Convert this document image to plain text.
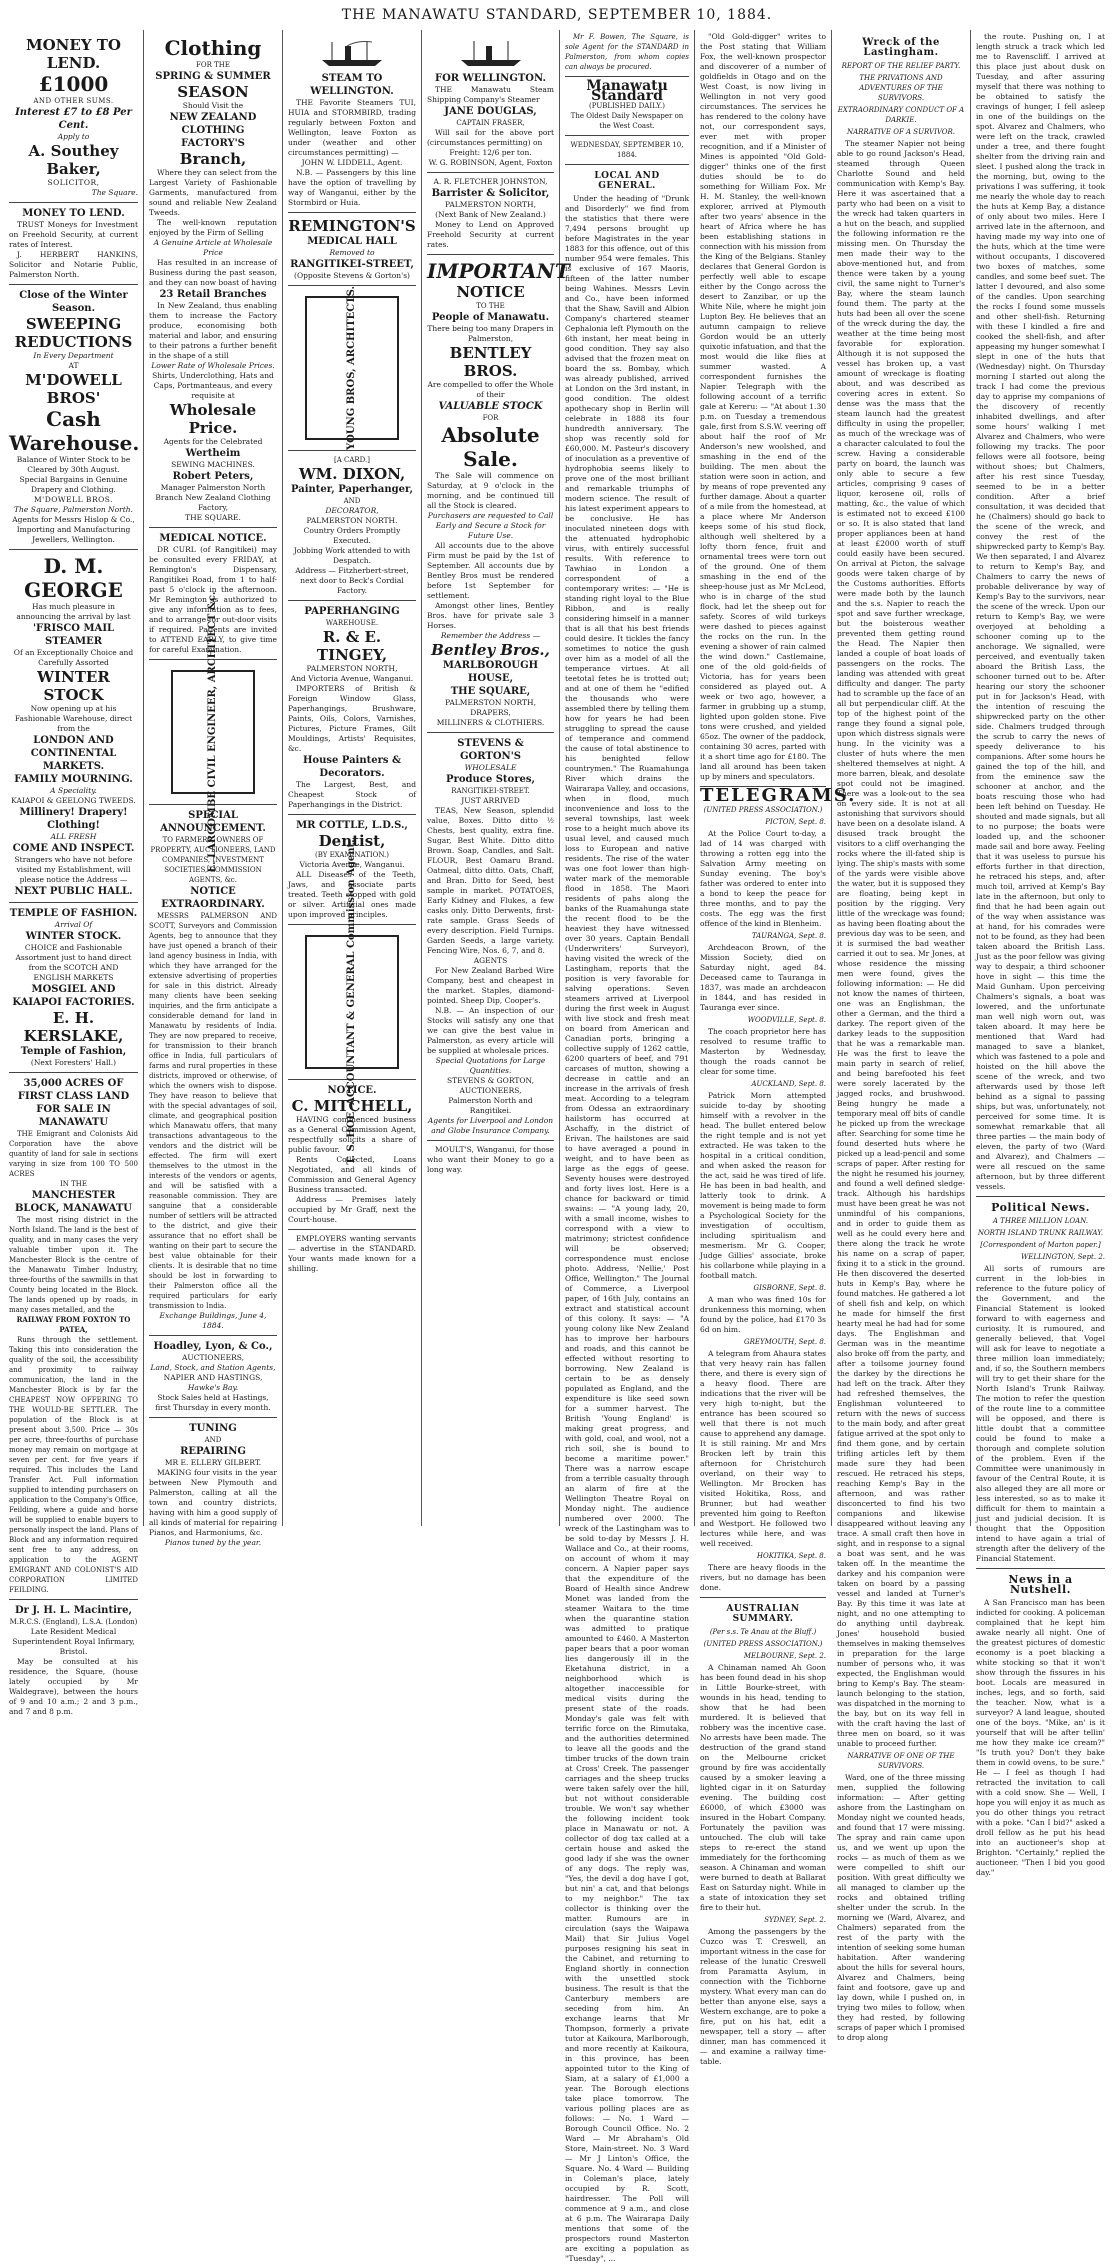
THE MANAWATU STANDARD, SEPTEMBER 10, 1884.
MONEY TO LEND.
£1000
AND OTHER SUMS.
Interest £7 to £8 Per Cent.
Apply to
A. Southey Baker,
SOLICITOR,
The Square.
MONEY TO LEND.

TRUST Moneys for Investment on Freehold Security, at current rates of Interest.

J. HERBERT HANKINS, Solicitor and Notarie Public, Palmerston North.

Close of the Winter Season.
SWEEPING REDUCTIONS
In Every Department
AT
M'DOWELL BROS'
Cash Warehouse.
Balance of Winter Stock to be Cleared by 30th August.
Special Bargains in Genuine Drapery and Clothing.
M'DOWELL BROS.
The Square, Palmerston North.
Agents for Messrs Hislop & Co., Importing and Manufacturing Jewellers, Wellington.
D. M. GEORGE
Has much pleasure in announcing the arrival by last
'FRISCO MAIL STEAMER
Of an Exceptionally Choice and Carefully Assorted
WINTER STOCK
Now opening up at his Fashionable Warehouse, direct from the
LONDON AND CONTINENTAL MARKETS.
FAMILY MOURNING.
A Speciality.
KAIAPOI & GEELONG TWEEDS.
Millinery! Drapery! Clothing!
ALL FRESH
COME AND INSPECT.
Strangers who have not before visited my Establishment, will please notice the Address —
NEXT PUBLIC HALL.
TEMPLE OF FASHION.
Arrival Of
WINTER STOCK.
CHOICE and Fashionable Assortment just to hand direct from the SCOTCH AND ENGLISH MARKETS
MOSGIEL AND KAIAPOI FACTORIES.
E. H. KERSLAKE,
Temple of Fashion,
(Next Foresters' Hall.)
35,000 ACRES OF FIRST CLASS LAND FOR SALE IN MANAWATU

THE Emigrant and Colonists Aid Corporation have the above quantity of land for sale in sections varying in size from 100 TO 500 ACRES

IN THE
MANCHESTER BLOCK, MANAWATU

The most rising district in the North Island. The land is the best of quality, and in many cases the very valuable timber upon it. The Manchester Block is the centre of the Manawatu Timber Industry, three-fourths of the sawmills in that County being located in the Block. The lands opened up by roads, in many cases metalled, and the

RAILWAY FROM FOXTON TO PATEA,

Runs through the settlement. Taking this into consideration the quality of the soil, the accessibility and proximity to railway communication, the land in the Manchester Block is by far the CHEAPEST NOW OFFERING TO THE WOULD-BE SETTLER. The population of the Block is at present about 3,500. Price — 30s per acre, three-fourths of purchase money may remain on mortgage at seven per cent. for five years if required. This includes the Land Transfer Act. Full information supplied to intending purchasers on application to the Company's Office, Feilding, where a guide and horse will be supplied to enable buyers to personally inspect the land. Plans of Block and any information required sent free to any address, on application to the AGENT EMIGRANT AND COLONIST'S AID CORPORATION LIMITED FEILDING.

Dr J. H. L. Macintire,
M.R.C.S. (England), L.S.A. (London)
Late Resident Medical Superintendent Royal Infirmary, Bristol.

May be consulted at his residence, the Square, (house lately occupied by Mr Waldegrave), between the hours of 9 and 10 a.m.; 2 and 3 p.m., and 7 and 8 p.m.

Clothing
FOR THE
SPRING & SUMMER
SEASON
Should Visit the
NEW ZEALAND
CLOTHING FACTORY'S
Branch,

Where they can select from the Largest Variety of Fashionable Garments, manufactured from sound and reliable New Zealand Tweeds.

The well-known reputation enjoyed by the Firm of Selling

A Genuine Article at Wholesale Price

Has resulted in an increase of Business during the past season, and they can now boast of having

23 Retail Branches

In New Zealand, thus enabling them to increase the Factory produce, economising both material and labor, and ensuring to their patrons a further benefit in the shape of a still

Lower Rate of Wholesale Prices.
Shirts, Underclothing, Hats and Caps, Portmanteaus, and every requisite at
Wholesale Price.
Agents for the Celebrated
Wertheim
SEWING MACHINES.
Robert Peters,
Manager Palmerston North Branch New Zealand Clothing Factory,
THE SQUARE.
MEDICAL NOTICE.

DR CURL (of Rangitikei) may be consulted every FRIDAY, at Remington's Dispensary, Rangitikei Road, from 1 to half-past 5 o'clock in the afternoon. Mr Remington is authorized to give any information as to fees, and to arrange for out-door visits if required. Patients are invited to ATTEND EARLY, to give time for careful Examination.

E. LARCOMBE CIVIL ENGINEER, ARCHITECT &c.
SPECIAL ANNOUNCEMENT.
TO FARMERS, OWNERS OF PROPERTY, AUCTIONEERS, LAND COMPANIES, INVESTMENT SOCIETIES, COMMISSION AGENTS, &c.
NOTICE EXTRAORDINARY.

MESSRS PALMERSON AND SCOTT, Surveyors and Commission Agents, beg to announce that they have just opened a branch of their land agency business in India, with which they have arranged for the extensive advertising of properties for sale in this district. Already many clients have been seeking inquiries, and the firm anticipate a considerable demand for land in Manawatu by residents of India. They are now prepared to receive, for transmission to their branch office in India, full particulars of farms and rural properties in these districts, improved or otherwise, of which the owners wish to dispose. They have reason to believe that with the special advantages of soil, climate, and geographical position which Manawatu offers, that many transactions advantageous to the vendors and the district will be effected. The firm will exert themselves to the utmost in the interests of the vendors or agents, and will be satisfied with a reasonable commission. They are sanguine that a considerable number of settlers will be attracted to the district, and give their assurance that no effort shall be wanting on their part to secure the best value obtainable for their clients. It is desirable that no time should be lost in forwarding to their Palmerston office all the required particulars for early transmission to India.

Exchange Buildings, June 4, 1884.
Hoadley, Lyon, & Co.,
AUCTIONEERS,
Land, Stock, and Station Agents,
NAPIER AND HASTINGS,
Hawke's Bay.
Stock Sales held at Hastings, first Thursday in every month.
TUNING
AND
REPAIRING
MR E. ELLERY GILBERT.

MAKING four visits in the year between New Plymouth and Palmerston, calling at all the town and country districts, having with him a good supply of all kinds of material for repairing Pianos, and Harmoniums, &c.

Pianos tuned by the year.
STEAM TO WELLINGTON.

THE Favorite Steamers TUI, HUIA and STORMBIRD, trading regularly between Foxton and Wellington, leave Foxton as under (weather and other circumstances permitting) —

JOHN W. LIDDELL, Agent.

N.B. — Passengers by this line have the option of travelling by way of Wanganui, either by the Stormbird or Huia.

REMINGTON'S
MEDICAL HALL
Removed to
RANGITIKEI-STREET,
(Opposite Stevens & Gorton's)
YOUNG BROS, ARCHITECTS.
[A CARD.]
WM. DIXON,
Painter, Paperhanger,
AND
DECORATOR,
PALMERSTON NORTH.
Country Orders Promptly Executed.
Jobbing Work attended to with Despatch.
Address — Fitzherbert-street, next door to Beck's Cordial Factory.
PAPERHANGING
WAREHOUSE.
R. & E. TINGEY,
PALMERSTON NORTH,
And Victoria Avenue, Wanganui.

IMPORTERS of British & Foreign Window Glass, Paperhangings, Brushware, Paints, Oils, Colors, Varnishes, Pictures, Picture Frames, Gilt Mouldings, Artists' Requisites, &c.

House Painters & Decorators.

The Largest, Best, and Cheapest Stock of Paperhangings in the District.

MR COTTLE, L.D.S.,
Dentist,
(BY EXAMINATION.)
Victoria Avenue, Wanganui.

ALL Diseases of the Teeth, Jaws, and associate parts treated. Teeth stopped with gold or silver. Artificial ones made upon improved principles.

T. S. HOE, ACCOUNTANT & GENERAL Commission Agent.
NOTICE.
C. MITCHELL,

HAVING commenced business as a General Commission Agent, respectfully solicits a share of public favour.

Rents Collected, Loans Negotiated, and all kinds of Commission and General Agency Business transacted.

Address — Premises lately occupied by Mr Graff, next the Court-house.

EMPLOYERS wanting servants — advertise in the STANDARD. Your wants made known for a shilling.

FOR WELLINGTON.

THE Manawatu Steam Shipping Company's Steamer

JANE DOUGLAS,
CAPTAIN FRASER,

Will sail for the above port (circumstances permitting) on

Freight: 12/6 per ton.
W. G. ROBINSON, Agent, Foxton
A. R. FLETCHER JOHNSTON,
Barrister & Solicitor,
PALMERSTON NORTH,
(Next Bank of New Zealand.)

Money to Lend on Approved Freehold Security at current rates.

IMPORTANT
NOTICE
TO THE
People of Manawatu.
There being too many Drapers in Palmerston,
BENTLEY BROS.
Are compelled to offer the Whole of their
VALUABLE STOCK
FOR
Absolute Sale.

The Sale will commence on Saturday, at 9 o'clock in the morning, and be continued till all the Stock is cleared.

Purchasers are requested to Call Early and Secure a Stock for Future Use.

All accounts due to the above Firm must be paid by the 1st of September. All accounts due by Bentley Bros must be rendered before 1st September for settlement.

Amongst other lines, Bentley Bros. have for private sale 3 Horses.

Remember the Address —
Bentley Bros.,
MARLBOROUGH HOUSE,
THE SQUARE,
PALMERSTON NORTH,
DRAPERS,
MILLINERS & CLOTHIERS.
STEVENS & GORTON'S
WHOLESALE
Produce Stores,
RANGITIKEI-STREET.
JUST ARRIVED

TEAS, New Season, splendid value, Boxes. Ditto ditto ½ Chests, best quality, extra fine. Sugar, Best White. Ditto ditto Brown. Soap, Candles, and Salt. FLOUR, Best Oamaru Brand. Oatmeal, ditto ditto. Oats, Chaff, and Bran. Ditto for Seed, best sample in market. POTATOES, Early Kidney and Flukes, a few casks only. Ditto Derwents, first-rate sample. Grass Seeds of every description. Field Turnips. Garden Seeds, a large variety. Fencing Wire, Nos. 6, 7, and 8.

AGENTS

For New Zealand Barbed Wire Company, best and cheapest in the market. Staples, diamond-pointed. Sheep Dip, Cooper's.

N.B. — An inspection of our Stocks will satisfy any one that we can give the best value in Palmerston, as every article will be supplied at wholesale prices.

Special Quotations for Large Quantities.
STEVENS & GORTON, AUCTIONEERS,
Palmerston North and Rangitikei.
Agents for Liverpool and London and Globe Insurance Company.

MOULT'S, Wanganui, for those who want their Money to go a long way.

Mr F. Bowen, The Square, is sole Agent for the STANDARD in Palmerston, from whom copies can always be procured.

Manawatu Standard
(PUBLISHED DAILY.)
The Oldest Daily Newspaper on the West Coast.
WEDNESDAY, SEPTEMBER 10, 1884.
LOCAL AND GENERAL.

Under the heading of "Drunk and Disorderly" we find from the statistics that there were 7,494 persons brought up before Magistrates in the year 1883 for this offence, out of this number 954 were females. This is exclusive of 167 Maoris, fifteen of the latter number being Wahines. Messrs Levin and Co., have been informed that the Shaw, Savill and Albion Company's chartered steamer Cephalonia left Plymouth on the 6th instant, her meat being in good condition. They say also advised that the frozen meat on board the ss. Bombay, which was already published, arrived at London on the 3rd instant, in good condition. The oldest apothecary shop in Berlin will celebrate in 1888 its four hundredth anniversary. The shop was recently sold for £60,000. M. Pasteur's discovery of inoculation as a preventive of hydrophobia seems likely to prove one of the most brilliant and remarkable triumphs of modern science. The result of his latest experiment appears to be conclusive. He has inoculated nineteen dogs with the attenuated hydrophobic virus, with entirely successful results. With reference to Tawhiao in London a correspondent of a contemporary writes: — "He is standing right loyal to the Blue Ribbon, and is really considering himself in a manner that is all that his best friends could desire. It tickles the fancy sometimes to notice the gush over him as a model of all the temperance virtues. At all teetotal fetes he is trotted out; and at one of them he "edified the thousands who were assembled there by telling them how for years he had been struggling to spread the cause of temperance and commend the cause of total abstinence to his benighted fellow countrymen." The Ruamahunga River which drains the Wairarapa Valley, and occasions, when in flood, much inconvenience and loss to the several townships, last week rose to a height much above its usual level, and caused much loss to European and native residents. The rise of the water was one foot lower than high-water mark of the memorable flood in 1858. The Maori residents of pahs along the banks of the Ruamahunga state the recent flood to be the heaviest they have witnessed over 30 years. Captain Bendall (Underwriters' Surveyor), having visited the wreck of the Lastingham, reports that the position is very favorable for salving operations. Seven steamers arrived at Liverpool during the first week in August with live stock and fresh meat on board from American and Canadian ports, bringing a collective supply of 1262 cattle, 6200 quarters of beef, and 791 carcases of mutton, showing a decrease in cattle and an increase in the arrivals of fresh meat. According to a telegram from Odessa an extraordinary hailstorm has occurred at Aschaffy, in the district of Erivan. The hailstones are said to have averaged a pound in weight, and to have been as large as the eggs of geese. Seventy houses were destroyed and forty lives lost. Here is a chance for backward or timid swains: — "A young lady, 20, with a small income, wishes to correspond with a view to matrimony; strictest confidence will be observed; correspondence must enclose photo. Address, 'Nellie,' Post Office, Wellington." The Journal of Commerce, a Liverpool paper, of 16th July, contains an extract and statistical account of this colony. It says: — "A young colony like New Zealand has to improve her harbours and roads, and this cannot be effected without resorting to borrowing. New Zealand is certain to be as densely populated as England, and the expenditure is like seed sown for a summer harvest. The British 'Young England' is making great progress, and with gold, coal, and wool, not a rich soil, she is bound to become a maritime power." There was a narrow escape from a terrible casualty through an alarm of fire at the Wellington Theatre Royal on Monday night. The audience numbered over 2000. The wreck of the Lastingham was to be sold to-day by Messrs J. H. Wallace and Co., at their rooms, on account of whom it may concern. A Napier paper says that the expenditure of the Board of Health since Andrew Monet was landed from the steamer Waitara to the time when the quarantine station was admitted to pratique amounted to £460. A Masterton paper bears that a poor woman lies dangerously ill in the Eketahuna district, in a neighborhood which is altogether inaccessible for medical visits during the present state of the roads. Monday's gale was felt with terrific force on the Rimutaka, and the authorities determined to leave all the goods and the timber trucks of the down train at Cross' Creek. The passenger carriages and the sheep trucks were taken safely over the hill, but not without considerable trouble. We won't say whether the following incident took place in Manawatu or not. A collector of dog tax called at a certain house and asked the good lady if she was the owner of any dogs. The reply was, "Yes, the devil a dog have I got, but nin' a cat, and that belongs to my neighbor." The tax collector is thinking over the matter. Rumours are in circulation (says the Waipawa Mail) that Sir Julius Vogel purposes resigning his seat in the Cabinet, and returning to England shortly in connection with the unsettled stock business. The result is that the Canterbury members are seceding from him. An exchange learns that Mr Thompson, formerly a private tutor at Kaikoura, Marlborough, and more recently at Kaikoura, in this province, has been appointed tutor to the King of Siam, at a salary of £1,000 a year. The Borough elections take place tomorrow. The various polling places are as follows: — No. 1 Ward — Borough Council Office. No. 2 Ward — Mr Abraham's Old Store, Main-street. No. 3 Ward — Mr J Linton's Office, the Square. No. 4 Ward — Building in Coleman's place, lately occupied by R. Scott, hairdresser. The Poll will commence at 9 a.m., and close at 6 p.m. The Wairarapa Daily mentions that some of the prospectors round Masterton are exciting a population as "Tuesday", ...

"Old Gold-digger" writes to the Post stating that William Fox, the well-known prospector and discoverer of a number of goldfields in Otago and on the West Coast, is now living in Wellington in not very good circumstances. The services he has rendered to the colony have not, our correspondent says, ever met with proper recognition, and if a Minister of Mines is appointed "Old Gold-digger" thinks one of the first duties should be to do something for William Fox. Mr H. M. Stanley, the well-known explorer, arrived at Plymouth after two years' absence in the heart of Africa where he has been establishing stations in connection with his mission from the King of the Belgians. Stanley declares that General Gordon is perfectly well able to escape either by the Congo across the desert to Zanzibar, or up the White Nile, where he might join Lupton Bey. He believes that an autumn campaign to relieve Gordon would be an utterly quixotic infatuation, and that the most would die like flies at summer wasted. A correspondent furnishes the Napier Telegraph with the following account of a terrific gale at Kereru: — "At about 1.30 p.m. on Tuesday a tremendous gale, first from S.S.W. veering off about half the roof of Mr Anderson's new woolshed, and smashing in the end of the building. The men about the station were soon in action, and by means of rope prevented any further damage. About a quarter of a mile from the homestead, at a place where Mr Anderson keeps some of his stud flock, although well sheltered by a lofty thorn fence, fruit and ornamental trees were torn out of the ground. One of them smashing in the end of the sheep-house just as Mr McLeod, who is in charge of the stud flock, had let the sheep out for safety. Scores of wild turkeys were dashed to pieces against the rocks on the run. In the evening a shower of rain calmed the wind down." Castlemaine, one of the old gold-fields of Victoria, has for years been considered as played out. A week or two ago, however, a farmer in grubbing up a stump, lighted upon golden stone. Five tons were crushed, and yielded 65oz. The owner of the paddock, containing 30 acres, parted with it a short time ago for £180. The land all around has been taken up by miners and speculators.

TELEGRAMS.
(UNITED PRESS ASSOCIATION.)
PICTON, Sept. 8.

At the Police Court to-day, a lad of 14 was charged with throwing a rotten egg into the Salvation Army meeting on Sunday evening. The boy's father was ordered to enter into a bond to keep the peace for three months, and to pay the costs. The egg was the first offence of the kind in Blenheim.

TAURANGA, Sept. 8.

Archdeacon Brown, of the Mission Society, died on Saturday night, aged 84. Deceased came to Tauranga in 1837, was made an archdeacon in 1844, and has resided in Tauranga ever since.

WOODVILLE, Sept. 8.

The coach proprietor here has resolved to resume traffic to Masterton by Wednesday, though the roads cannot be clear for some time.

AUCKLAND, Sept. 8.

Patrick Morn attempted suicide to-day by shooting himself with a revolver in the head. The bullet entered below the right temple and is not yet extracted. He was taken to the hospital in a critical condition, and when asked the reason for the act, said he was tired of life. He has been in bad health, and latterly took to drink. A movement is being made to form a Psychological Society for the investigation of occultism, including spiritualism and mesmerism. Mr G. Cooper, Judge Gillies' associate, broke his collarbone while playing in a football match.

GISBORNE, Sept. 8.

A man who was fined 10s for drunkenness this morning, when found by the police, had £170 3s 6d on him.

GREYMOUTH, Sept. 8.

A telegram from Ahaura states that very heavy rain has fallen there, and there is every sign of a heavy flood. There are indications that the river will be very high to-night, but the entrance has been scoured so well that there is not much cause to apprehend any damage. It is still raining. Mr and Mrs Brocken left by train this afternoon for Christchurch overland, on their way to Wellington. Mr Brocken has visited Hokitika, Ross, and Brunner, but had weather prevented him going to Reefton and Westport. He followed two lectures while here, and was well received.

HOKITIKA, Sept. 8.

There are heavy floods in the rivers, but no damage has been done.

AUSTRALIAN SUMMARY.
(Per s.s. Te Anau at the Bluff.)
(UNITED PRESS ASSOCIATION.)
MELBOURNE, Sept. 2.

A Chinaman named Ah Goon has been found dead in his shop in Little Bourke-street, with wounds in his head, tending to show that he had been murdered. It is believed that robbery was the incentive case. No arrests have been made. The destruction of the grand stand on the Melbourne cricket ground by fire was accidentally caused by a smoker leaving a lighted cigar in it on Saturday evening. The building cost £6000, of which £3000 was insured in the Hobart Company. Fortunately the pavilion was untouched. The club will take steps to re-erect the stand immediately for the forthcoming season. A Chinaman and woman were burned to death at Ballarat East on Saturday night. While in a state of intoxication they set fire to their hut.

SYDNEY, Sept. 2.

Among the passengers by the Cuzco was T. Creswell, an important witness in the case for release of the lunatic Creswell from Paramatta Asylum, in connection with the Tichborne mystery. What every man can do better than anyone else, says a Western exchange, are to poke a fire, put on his hat, edit a newspaper, tell a story — after dinner, man has commenced it — and examine a railway time-table.

Wreck of the Lastingham.
REPORT OF THE RELIEF PARTY.
THE PRIVATIONS AND ADVENTURES OF THE SURVIVORS.
EXTRAORDINARY CONDUCT OF A DARKIE.
NARRATIVE OF A SURVIVOR.

The steamer Napier not being able to go round Jackson's Head, steamed through Queen Charlotte Sound and held communication with Kemp's Bay. Here it was ascertained that a party who had been on a visit to the wreck had taken quarters in a hut on the beach, and supplied the following information re the missing men. On Thursday the men made their way to the above-mentioned hut, and from thence were taken by a young civil, the same night to Turner's Bay, where the steam launch found them. The party at the huts had been all over the scene of the wreck during the day, the weather at the time being most favorable for exploration. Although it is not supposed the vessel has broken up, a vast amount of wreckage is floating about, and was described as covering acres in extent. So dense was the mass that the steam launch had the greatest difficulty in using the propeller, as much of the wreckage was of a character calculated to foul the screw. Having a considerable party on board, the launch was only able to secure a few articles, comprising 9 cases of liquor, kerosene oil, rolls of matting, &c., the value of which is estimated not to exceed £100 or so. It is also stated that land proper appliances been at hand at least £2000 worth of stuff could easily have been secured. On arrival at Picton, the salvage goods were taken charge of by the Customs authorities. Efforts were made both by the launch and the s.s. Napier to reach the spot and save further wreckage, but the boisterous weather prevented them getting round the Head. The Napier then landed a couple of boat loads of passengers on the rocks. The landing was attended with great difficulty and danger. The party had to scramble up the face of an all but perpendicular cliff. At the top of the highest point of the range they found a signal pole, upon which distress signals were hung. In the vicinity was a cluster of huts where the men sheltered themselves at night. A more barren, bleak, and desolate spot could not be imagined. There was a look-out to the sea on every side. It is not at all astonishing that survivors should have been on a desolate island. A disused track brought the visitors to a cliff overhanging the rocks where the ill-fated ship is lying. The ship's masts with some of the yards were visible above the water, but it is supposed they are floating, being kept in position by the rigging. Very little of the wreckage was found; as having been floating about the previous day was to be seen, and it is surmised the bad weather carried it out to sea. Mr Jones, at whose residence the missing men were found, gives the following information: — He did not know the names of thirteen, one was an Englishman, the other a German, and the third a darkey. The report given of the darkey leads to the supposition that he was a remarkable man. He was the first to leave the main party in search of relief, and being barefooted his feet were sorely lacerated by the jagged rocks, and brushwood. Being hungry he made a temporary meal off bits of candle he picked up from the wreckage after. Searching for some time he found deserted huts where he picked up a lead-pencil and some scraps of paper. After resting for the night he resumed his journey, and found a well defined sledge-track. Although his hardships must have been great he was not unmindful of his companions, and in order to guide them as well as he could every here and there along the track he wrote his name on a scrap of paper, fixing it to a stick in the ground. He then discovered the deserted huts in Kemp's Bay, where he found matches. He gathered a lot of shell fish and kelp, on which he made for himself the first hearty meal he had had for some days. The Englishman and German was in the meantime also broke off from the party, and after a toilsome journey found the darkey by the directions he had left on the track. After they had refreshed themselves, the Englishman volunteered to return with the news of success to the main body, and after great fatigue arrived at the spot only to find them gone, and by certain trifling articles left by them made sure they had been rescued. He retraced his steps, reaching Kemp's Bay in the afternoon, and was rather disconcerted to find his two companions and likewise disappeared without leaving any trace. A small craft then hove in sight, and in response to a signal a boat was sent, and he was taken off. In the meantime the darkey and his companion were taken on board by a passing vessel and landed at Turner's Bay. By this time it was late at night, and no one attempting to do anything until daybreak. Jones' household busied themselves in making themselves in preparation for the large number of persons who, it was expected, the Englishman would bring to Kemp's Bay. The steam-launch belonging to the station, was dispatched in the morning to the bay, but on its way fell in with the craft having the last of three men on board, so it was unable to proceed further.

NARRATIVE OF ONE OF THE SURVIVORS.

Ward, one of the three missing men, supplied the following information: — After getting ashore from the Lastingham on Monday night we counted heads, and found that 17 were missing. The spray and rain came upon us, and we went up upon the rocks — as much of them as we were compelled to shift our position. With great difficulty we all managed to clamber up the rocks and obtained trifling shelter under the scrub. In the morning we (Ward, Alvarez, and Chalmers) separated from the rest of the party with the intention of seeking some human habitation. After wandering about the hills for several hours, Alvarez and Chalmers, being faint and footsore, gave up and lay down, while I pushed on, in trying two miles to follow, when they had rested, by following scraps of paper which I promised to drop along

the route. Pushing on, I at length struck a track which led me to Ravenscliff. I arrived at this place just about dusk on Tuesday, and after assuring myself that there was nothing to be obtained to satisfy the cravings of hunger, I fell asleep in one of the buildings on the spot. Alvarez and Chalmers, who were left on the track, crawled under a tree, and there fought shelter from the driving rain and sleet. I pushed along the track in the morning, but, owing to the privations I was suffering, it took me nearly the whole day to reach the huts at Kemp Bay, a distance of only about two miles. Here I arrived late in the afternoon, and having made my way into one of the huts, which at the time were without occupants, I discovered two boxes of matches, some candles, and some beef suet. The latter I devoured, and also some of the candles. Upon searching the rocks I found some mussels and other shell-fish. Returning with these I kindled a fire and cooked the shell-fish, and after appeasing my hunger somewhat I slept in one of the huts that (Wednesday) night. On Thursday morning I started out along the track I had come the previous day to apprise my companions of the discovery of recently inhabited dwellings, and after some hours' walking I met Alvarez and Chalmers, who were following my tracks. The poor fellows were all footsore, being without shoes; but Chalmers, after his rest since Tuesday, seemed to be in a better condition. After a brief consultation, it was decided that he (Chalmers) should go back to the scene of the wreck, and convey the rest of the shipwrecked party to Kemp's Bay. We then separated, I and Alvarez to return to Kemp's Bay, and Chalmers to carry the news of probable deliverance by way of Kemp's Bay to the survivors, near the scene of the wreck. Upon our return to Kemp's Bay, we were overjoyed at beholding a schooner coming up to the anchorage. We signalled, were perceived, and eventually taken aboard the British Lass, the schooner turned out to be. After hearing our story the schooner put in for Jackson's Head, with the intention of rescuing the shipwrecked party on the other side. Chalmers trudged through the scrub to carry the news of speedy deliverance to his companions. After some hours he gained the top of the hill, and from the eminence saw the schooner at anchor, and the boats rescuing those who had been left behind on Tuesday. He shouted and made signals, but all to no purpose; the boats were loaded up, and the schooner made sail and bore away. Feeling that it was useless to pursue his efforts further in that direction, he retraced his steps, and, after much toil, arrived at Kemp's Bay late in the afternoon, but only to find that he had been again out of the way when assistance was at hand, for his comrades were not to be found, as they had been taken aboard the British Lass. Just as the poor fellow was giving way to despair, a third schooner hove in sight — this time the Maid Gunham. Upon perceiving Chalmers's signals, a boat was lowered, and the unfortunate man well nigh worn out, was taken aboard. It may here be mentioned that Ward had managed to save a blanket, which was fastened to a pole and hoisted on the hill above the scene of the wreck, and two afterwards used by those left behind as a signal to passing ships, but was, unfortunately, not perceived for some time. It is somewhat remarkable that all three parties — the main body of eleven, the party of two (Ward and Alvarez), and Chalmers — were all rescued on the same afternoon, but by three different vessels.

Political News.
A THREE MILLION LOAN.
NORTH ISLAND TRUNK RAILWAY.
[Correspondent of Marton paper.]
WELLINGTON, Sept. 2.

All sorts of rumours are current in the lob-bies in reference to the future policy of the Government, and the Financial Statement is looked forward to with eagerness and curiosity. It is rumoured, and generally believed, that Vogel will ask for leave to negotiate a three million loan immediately; and, if so, the Southern members will try to get their share for the North Island's Trunk Railway. The motion to refer the question of the route line to a committee will be opposed, and there is little doubt that a committee could be found to make a thorough and complete solution of the problem. Even if the Committee were unanimously in favour of the Central Route, it is also alleged they are all more or less interested, so as to make it difficult for them to maintain a just and judicial decision. It is thought that the Opposition intend to have again a trial of strength after the delivery of the Financial Statement.

News in a Nutshell.

A San Francisco man has been indicted for cooking. A policeman complained that he kept him awake nearly all night. One of the greatest pictures of domestic economy is a poet blacking a white stocking so that it won't show through the fissures in his boot. Locals are measured in inches, legs, and so forth, said the teacher. Now, what is a surveyor? A land league, shouted one of the boys. "Mike, an' is it yourself that will be after tellin' me how they make ice cream?" "Is truth you? Don't they bake them in cowld ovens, to be sure." He — I feel as though I had retracted the invitation to call with a cold snow. She — Well, I hope you will enjoy it as much as you do other things you retract with a poke. "Can I bid?" asked a droll fellow as he put his head into an auctioneer's shop at Brighton. "Certainly," replied the auctioneer. "Then I bid you good day."
